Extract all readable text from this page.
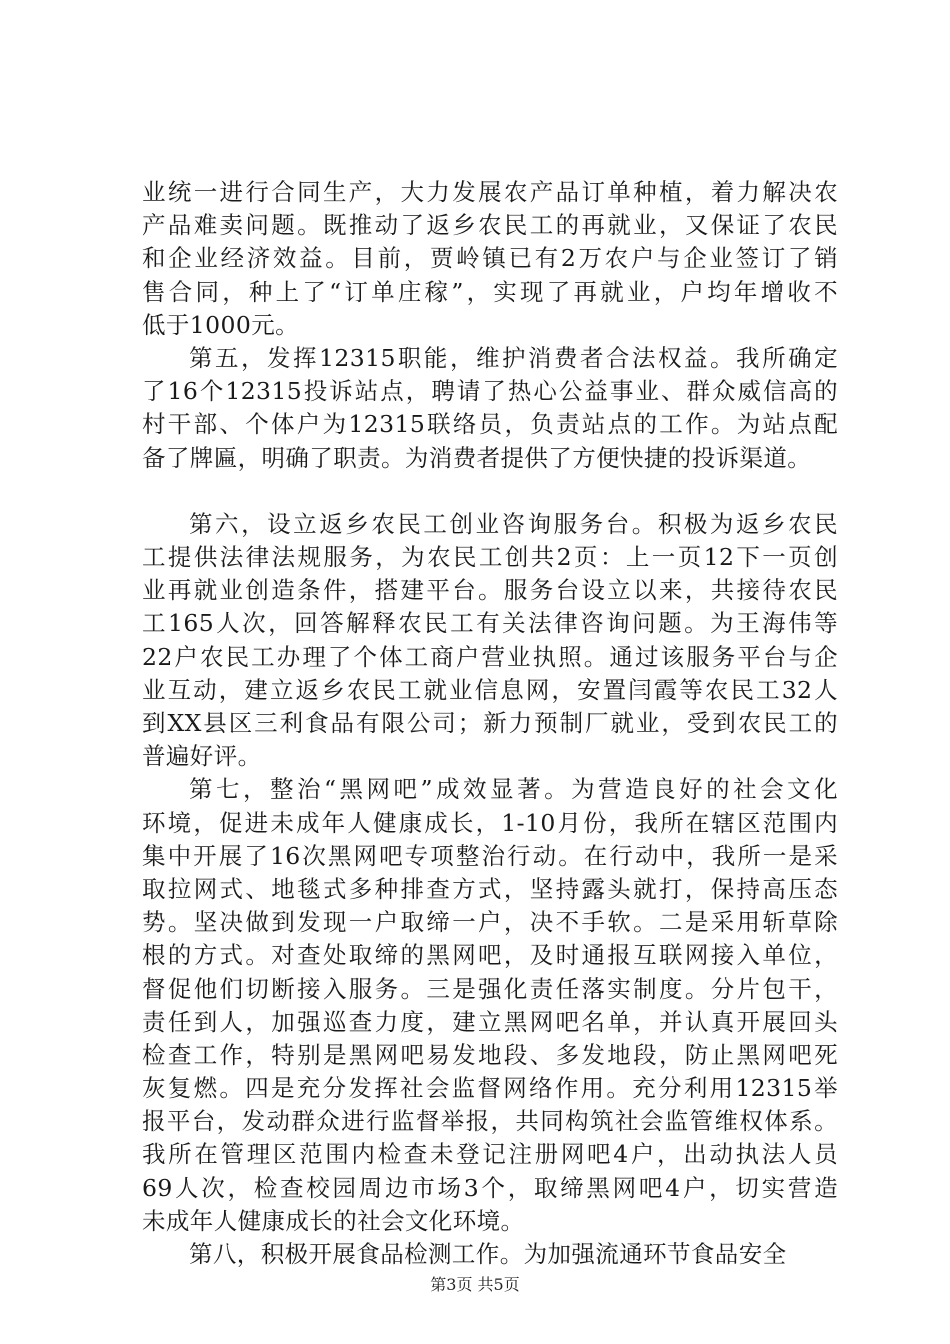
业统一进行合同生产，大力发展农产品订单种植，着力解决农
产品难卖问题。既推动了返乡农民工的再就业，又保证了农民
和企业经济效益。目前，贾岭镇已有2万农户与企业签订了销
售合同，种上了“订单庄稼”，实现了再就业，户均年增收不
低于1000元。
第五，发挥12315职能，维护消费者合法权益。我所确定
了16个12315投诉站点，聘请了热心公益事业、群众威信高的
村干部、个体户为12315联络员，负责站点的工作。为站点配
备了牌匾，明确了职责。为消费者提供了方便快捷的投诉渠道。
第六，设立返乡农民工创业咨询服务台。积极为返乡农民
工提供法律法规服务，为农民工创共2页：上一页12下一页创
业再就业创造条件，搭建平台。服务台设立以来，共接待农民
工165人次，回答解释农民工有关法律咨询问题。为王海伟等
22户农民工办理了个体工商户营业执照。通过该服务平台与企
业互动，建立返乡农民工就业信息网，安置闫霞等农民工32人
到XX县区三利食品有限公司；新力预制厂就业，受到农民工的
普遍好评。
第七，整治“黑网吧”成效显著。为营造良好的社会文化
环境，促进未成年人健康成长，1-10月份，我所在辖区范围内
集中开展了16次黑网吧专项整治行动。在行动中，我所一是采
取拉网式、地毯式多种排查方式，坚持露头就打，保持高压态
势。坚决做到发现一户取缔一户，决不手软。二是采用斩草除
根的方式。对查处取缔的黑网吧，及时通报互联网接入单位，
督促他们切断接入服务。三是强化责任落实制度。分片包干，
责任到人，加强巡查力度，建立黑网吧名单，并认真开展回头
检查工作，特别是黑网吧易发地段、多发地段，防止黑网吧死
灰复燃。四是充分发挥社会监督网络作用。充分利用12315举
报平台，发动群众进行监督举报，共同构筑社会监管维权体系。
我所在管理区范围内检查未登记注册网吧4户，出动执法人员
69人次，检查校园周边市场3个，取缔黑网吧4户，切实营造
未成年人健康成长的社会文化环境。
第八，积极开展食品检测工作。为加强流通环节食品安全
第3页 共5页
